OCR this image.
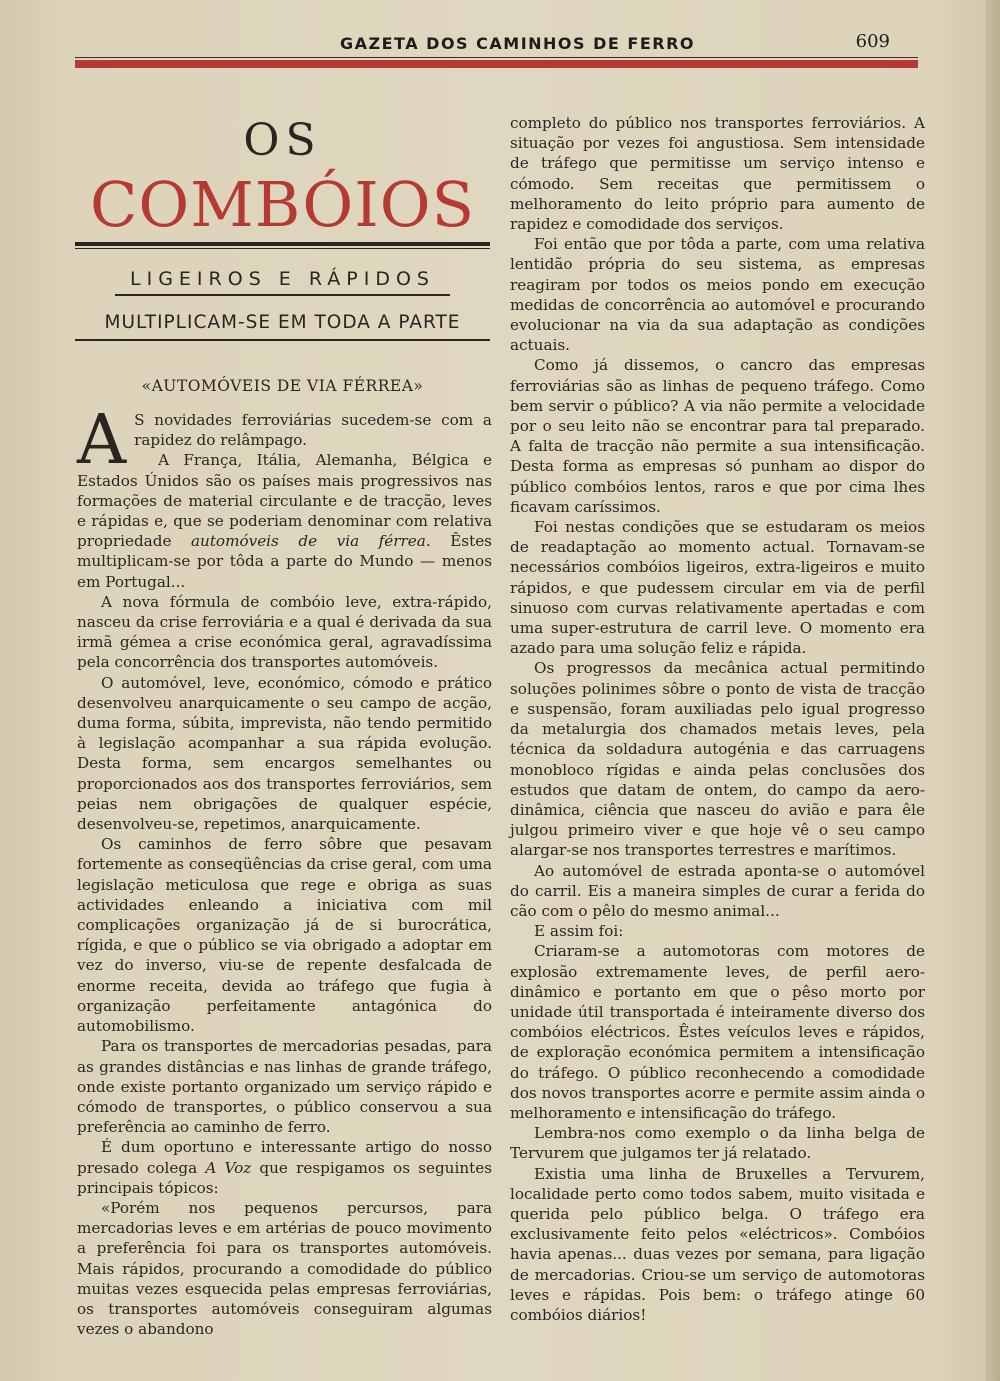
GAZETA DOS CAMINHOS DE FERRO	609
OS
COMBÓIOS
LIGEIROS E RÁPIDOS
MULTIPLICAM-SE EM TODA A PARTE
«AUTOMÓVEIS DE VIA FÉRREA»

A S novidades ferroviárias sucedem-se com a rapidez do relâmpago.

A França, Itália, Alemanha, Bélgica e Estados Únidos são os países mais progressivos nas formações de material circulante e de tracção, leves e rápidas e, que se poderiam denominar com relativa propriedade automóveis de via férrea. Êstes multiplicam-se por tôda a parte do Mundo — menos em Portugal...

A nova fórmula de combóio leve, extra-rápido, nasceu da crise ferroviária e a qual é derivada da sua irmã gémea a crise económica geral, agravadíssima pela concorrência dos transportes automóveis.

O automóvel, leve, económico, cómodo e prático desenvolveu anarquicamente o seu campo de acção, duma forma, súbita, imprevista, não tendo permitido à legislação acompanhar a sua rápida evolução. Desta forma, sem encargos semelhantes ou proporcionados aos dos transportes ferroviários, sem peias nem obrigações de qualquer espécie, desenvolveu-se, repetimos, anarquicamente.

Os caminhos de ferro sôbre que pesavam fortemente as conseqüências da crise geral, com uma legislação meticulosa que rege e obriga as suas actividades enleando a iniciativa com mil complicações organização já de si burocrática, rígida, e que o público se via obrigado a adoptar em vez do inverso, viu-se de repente desfalcada de enorme receita, devida ao tráfego que fugia à organização perfeitamente antagónica do automobilismo.

Para os transportes de mercadorias pesadas, para as grandes distâncias e nas linhas de grande tráfego, onde existe portanto organizado um serviço rápido e cómodo de transportes, o público conservou a sua preferência ao caminho de ferro.

É dum oportuno e interessante artigo do nosso presado colega A Voz que respigamos os seguintes principais tópicos:

«Porém nos pequenos percursos, para mercadorias leves e em artérias de pouco movimento a preferência foi para os transportes automóveis. Mais rápidos, procurando a comodidade do público muitas vezes esquecida pelas empresas ferroviárias, os transportes automóveis conseguiram algumas vezes o abandono

completo do público nos transportes ferroviários. A situação por vezes foi angustiosa. Sem intensidade de tráfego que permitisse um serviço intenso e cómodo. Sem receitas que permitissem o melhoramento do leito próprio para aumento de rapidez e comodidade dos serviços.

Foi então que por tôda a parte, com uma relativa lentidão própria do seu sistema, as empresas reagiram por todos os meios pondo em execução medidas de concorrência ao automóvel e procurando evolucionar na via da sua adaptação as condições actuais.

Como já dissemos, o cancro das empresas ferroviárias são as linhas de pequeno tráfego. Como bem servir o público? A via não permite a velocidade por o seu leito não se encontrar para tal preparado. A falta de tracção não permite a sua intensificação. Desta forma as empresas só punham ao dispor do público combóios lentos, raros e que por cima lhes ficavam caríssimos.

Foi nestas condições que se estudaram os meios de readaptação ao momento actual. Tornavam-se necessários combóios ligeiros, extra-ligeiros e muito rápidos, e que pudessem circular em via de perfil sinuoso com curvas relativamente apertadas e com uma super-estrutura de carril leve. O momento era azado para uma solução feliz e rápida.

Os progressos da mecânica actual permitindo soluções polinimes sôbre o ponto de vista de tracção e suspensão, foram auxiliadas pelo igual progresso da metalurgia dos chamados metais leves, pela técnica da soldadura autogénia e das carruagens monobloco rígidas e ainda pelas conclusões dos estudos que datam de ontem, do campo da aero-dinâmica, ciência que nasceu do avião e para êle julgou primeiro viver e que hoje vê o seu campo alargar-se nos transportes terrestres e marítimos.

Ao automóvel de estrada aponta-se o automóvel do carril. Eis a maneira simples de curar a ferida do cão com o pêlo do mesmo animal...

E assim foi:

Criaram-se a automotoras com motores de explosão extremamente leves, de perfil aero-dinâmico e portanto em que o pêso morto por unidade útil transportada é inteiramente diverso dos combóios eléctricos. Êstes veículos leves e rápidos, de exploração económica permitem a intensificação do tráfego. O público reconhecendo a comodidade dos novos transportes acorre e permite assim ainda o melhoramento e intensificação do tráfego.

Lembra-nos como exemplo o da linha belga de Tervurem que julgamos ter já relatado.

Existia uma linha de Bruxelles a Tervurem, localidade perto como todos sabem, muito visitada e querida pelo público belga. O tráfego era exclusivamente feito pelos «eléctricos». Combóios havia apenas... duas vezes por semana, para ligação de mercadorias. Criou-se um serviço de automotoras leves e rápidas. Pois bem: o tráfego atinge 60 combóios diários!
